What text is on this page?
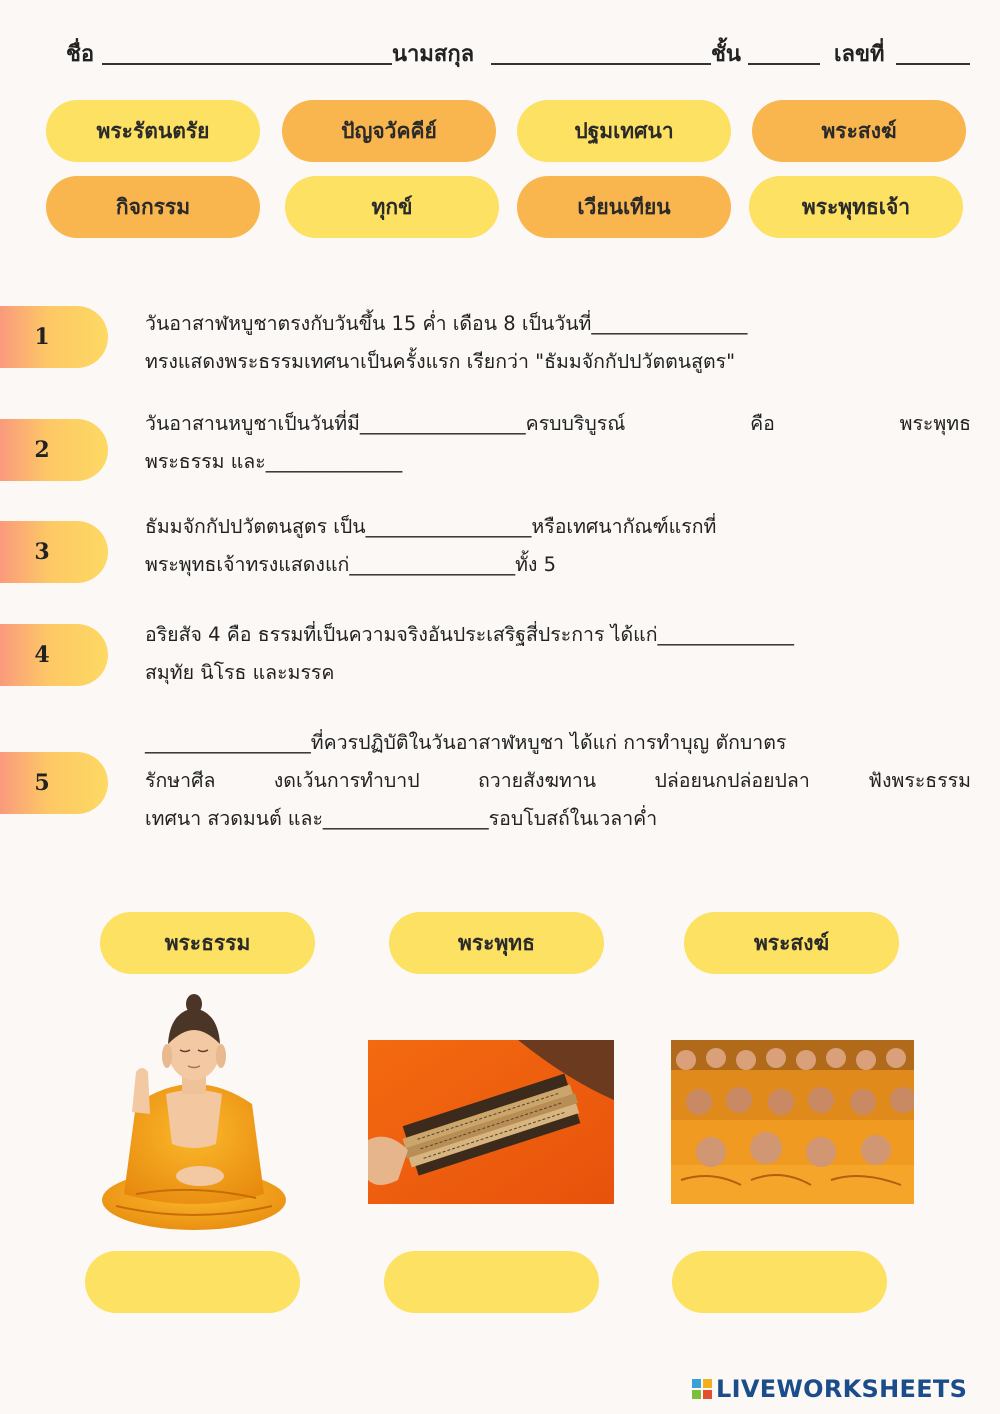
ชื่อ	นามสกุล	ชั้น	เลขที่
พระรัตนตรัย	ปัญจวัคคีย์	ปฐมเทศนา	พระสงฆ์
กิจกรรม	ทุกข์	เวียนเทียน	พระพุทธเจ้า
1
วันอาสาฬหบูชาตรงกับวันขึ้น 15 ค่ำ เดือน 8 เป็นวันที่________________
ทรงแสดงพระธรรมเทศนาเป็นครั้งแรก เรียกว่า "ธัมมจักกัปปวัตตนสูตร"
2
วันอาสานหบูชาเป็นวันที่มี_________________ครบบริบูรณ์ คือ พระพุทธ
พระธรรม และ______________
3
ธัมมจักกัปปวัตตนสูตร เป็น_________________หรือเทศนากัณฑ์แรกที่
พระพุทธเจ้าทรงแสดงแก่_________________ทั้ง 5
4
อริยสัจ 4 คือ ธรรมที่เป็นความจริงอันประเสริฐสี่ประการ ได้แก่______________
สมุทัย นิโรธ และมรรค
5
_________________ที่ควรปฏิบัติในวันอาสาฬหบูชา ได้แก่ การทำบุญ ตักบาตร
รักษาศีล งดเว้นการทำบาป ถวายสังฆทาน ปล่อยนกปล่อยปลา ฟังพระธรรม
เทศนา สวดมนต์ และ_________________รอบโบสถ์ในเวลาค่ำ
พระธรรม	พระพุทธ	พระสงฆ์
LIVEWORKSHEETS
